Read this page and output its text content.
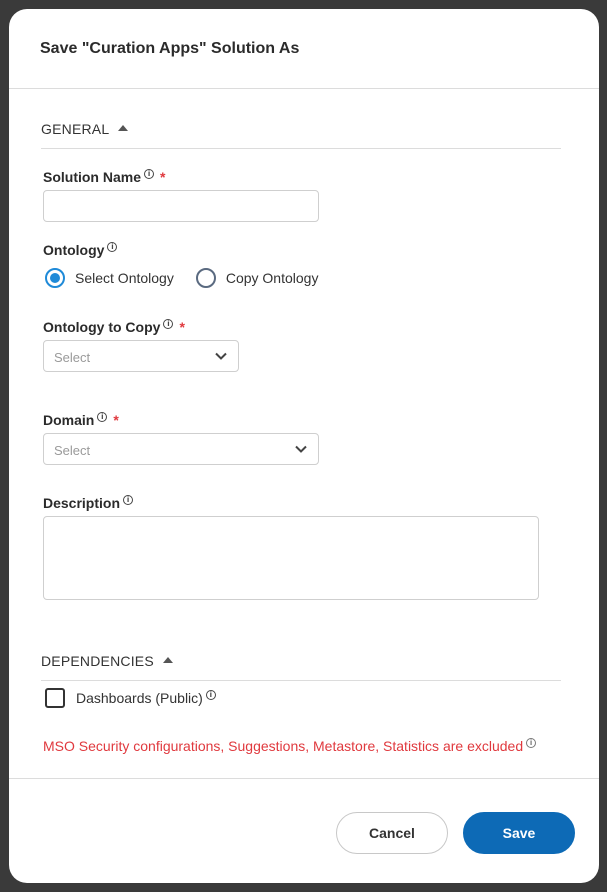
Save "Curation Apps" Solution As
GENERAL
Solution Name i *
Ontology i
Select Ontology	Copy Ontology
Ontology to Copy i *
Select
Domain i *
Select
Description i
DEPENDENCIES
Dashboards (Public) i
MSO Security configurations, Suggestions, Metastore, Statistics are excluded i
Cancel	Save
